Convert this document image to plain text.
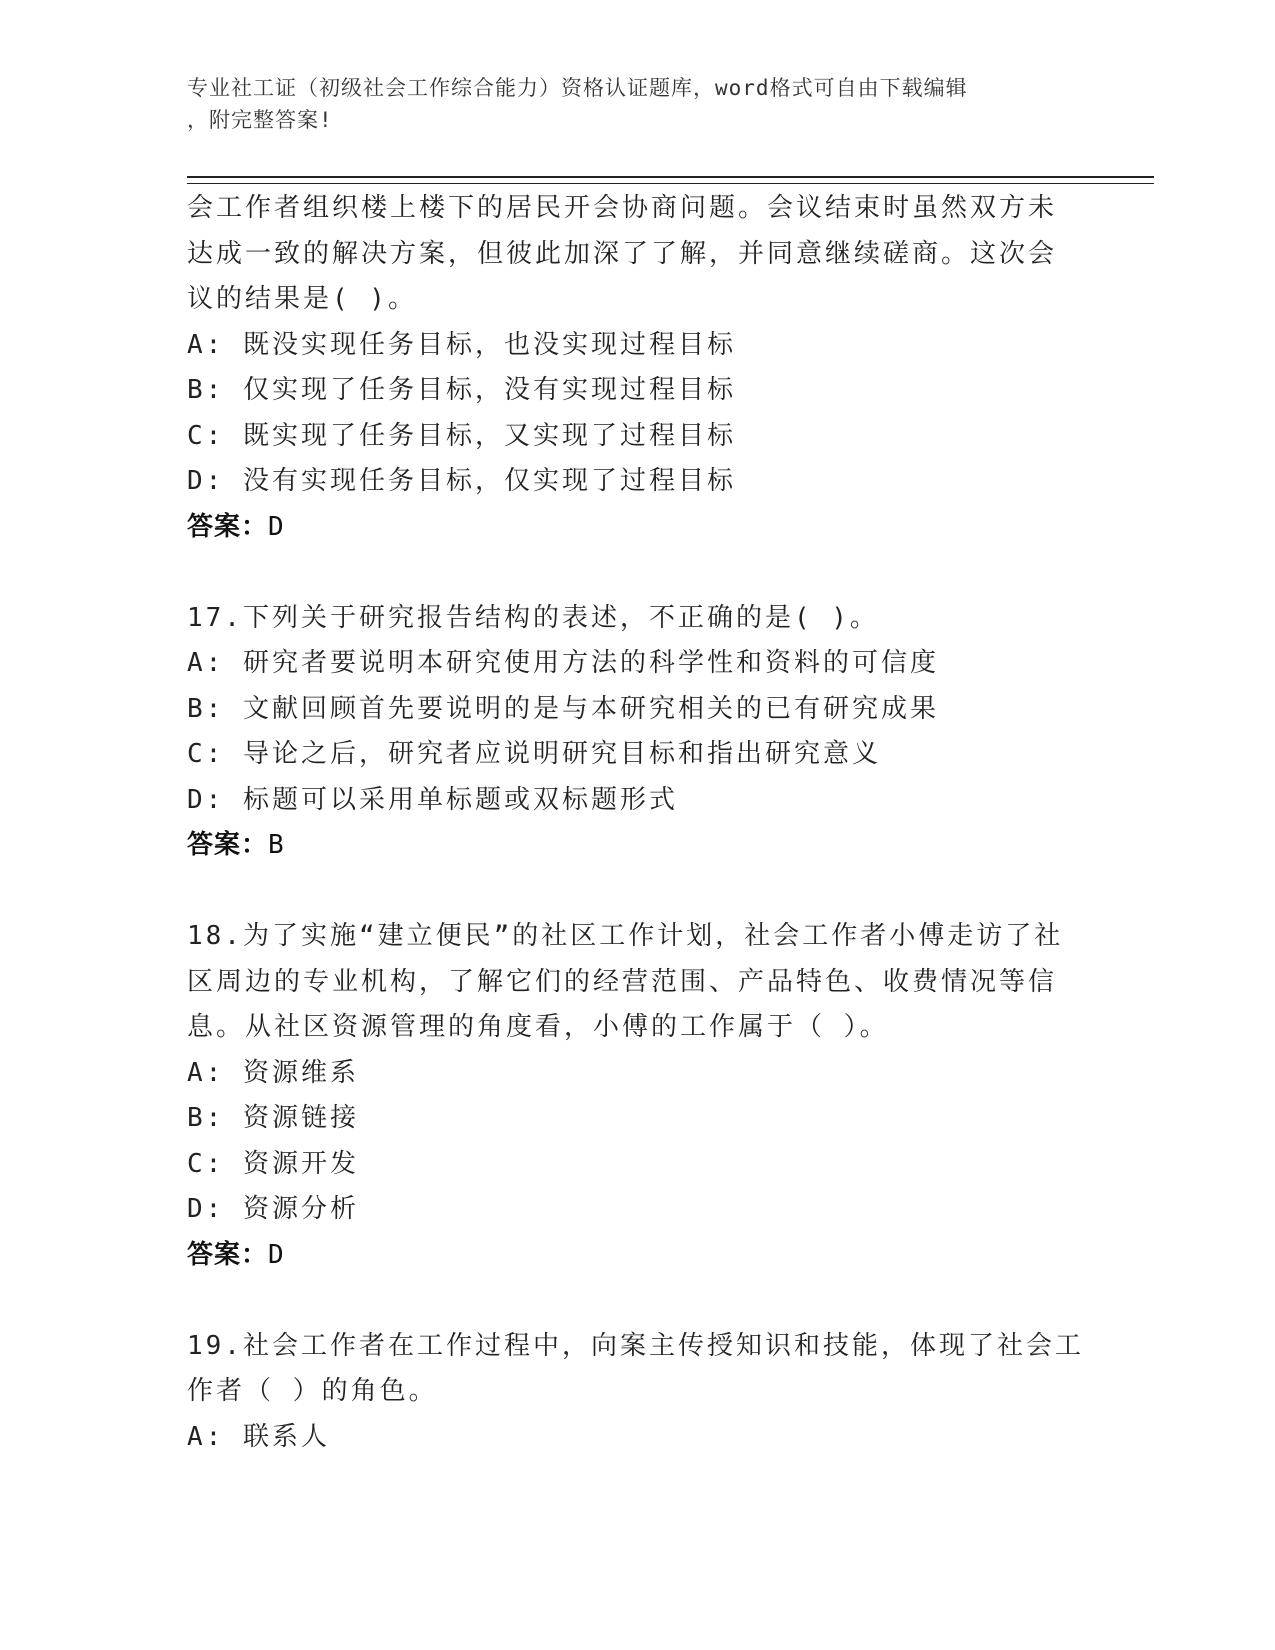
专业社工证（初级社会工作综合能力）资格认证题库，word格式可自由下载编辑
，附完整答案!
会工作者组织楼上楼下的居民开会协商问题。会议结束时虽然双方未
达成一致的解决方案，但彼此加深了了解，并同意继续磋商。这次会
议的结果是( )。
A: 既没实现任务目标，也没实现过程目标
B: 仅实现了任务目标，没有实现过程目标
C: 既实现了任务目标，又实现了过程目标
D: 没有实现任务目标，仅实现了过程目标
答案：D
17.下列关于研究报告结构的表述，不正确的是( )。
A: 研究者要说明本研究使用方法的科学性和资料的可信度
B: 文献回顾首先要说明的是与本研究相关的已有研究成果
C: 导论之后，研究者应说明研究目标和指出研究意义
D: 标题可以采用单标题或双标题形式
答案：B
18.为了实施“建立便民”的社区工作计划，社会工作者小傅走访了社
区周边的专业机构，了解它们的经营范围、产品特色、收费情况等信
息。从社区资源管理的角度看，小傅的工作属于（ ）。
A: 资源维系
B: 资源链接
C: 资源开发
D: 资源分析
答案：D
19.社会工作者在工作过程中，向案主传授知识和技能，体现了社会工
作者（ ）的角色。
A: 联系人
